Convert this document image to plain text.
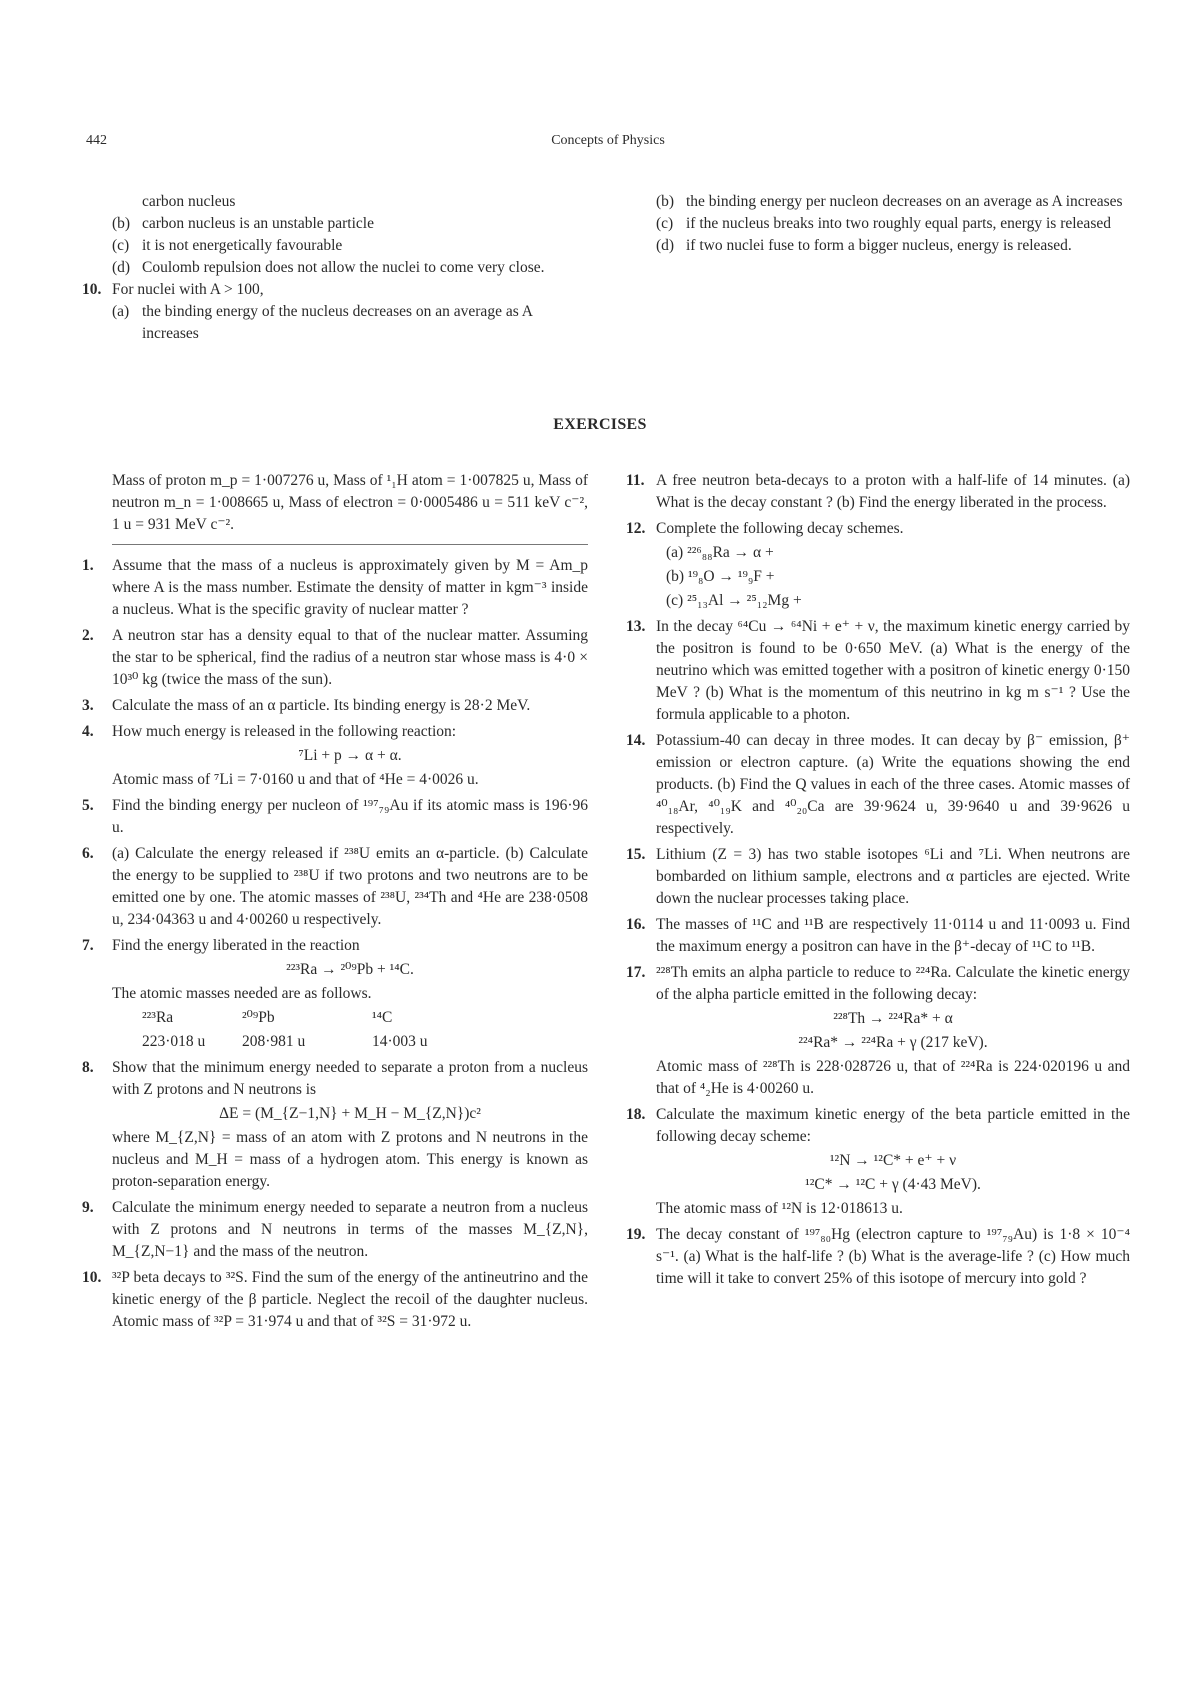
442	Concepts of Physics

carbon nucleus

(b) carbon nucleus is an unstable particle

(c) it is not energetically favourable

(d) Coulomb repulsion does not allow the nuclei to come very close.

10. For nuclei with A > 100,

(a) the binding energy of the nucleus decreases on an average as A increases

(b) the binding energy per nucleon decreases on an average as A increases

(c) if the nucleus breaks into two roughly equal parts, energy is released

(d) if two nuclei fuse to form a bigger nucleus, energy is released.

EXERCISES

Mass of proton m_p = 1·007276 u, Mass of ¹₁H atom = 1·007825 u, Mass of neutron m_n = 1·008665 u, Mass of electron = 0·0005486 u = 511 keV c⁻², 1 u = 931 MeV c⁻².

1. Assume that the mass of a nucleus is approximately given by M = Am_p where A is the mass number. Estimate the density of matter in kgm⁻³ inside a nucleus. What is the specific gravity of nuclear matter ?
2. A neutron star has a density equal to that of the nuclear matter. Assuming the star to be spherical, find the radius of a neutron star whose mass is 4·0 × 10³⁰ kg (twice the mass of the sun).
3. Calculate the mass of an α particle. Its binding energy is 28·2 MeV.
4. How much energy is released in the following reaction:
⁷Li + p → α + α.
Atomic mass of ⁷Li = 7·0160 u and that of ⁴He = 4·0026 u.
5. Find the binding energy per nucleon of ¹⁹⁷₇₉Au if its atomic mass is 196·96 u.
6. (a) Calculate the energy released if ²³⁸U emits an α-particle. (b) Calculate the energy to be supplied to ²³⁸U if two protons and two neutrons are to be emitted one by one. The atomic masses of ²³⁸U, ²³⁴Th and ⁴He are 238·0508 u, 234·04363 u and 4·00260 u respectively.
7. Find the energy liberated in the reaction
²²³Ra → ²⁰⁹Pb + ¹⁴C.
The atomic masses needed are as follows.
²²³Ra	²⁰⁹Pb	¹⁴C
223·018 u	208·981 u	14·003 u
8. Show that the minimum energy needed to separate a proton from a nucleus with Z protons and N neutrons is
ΔE = (M_{Z−1,N} + M_H − M_{Z,N})c²
where M_{Z,N} = mass of an atom with Z protons and N neutrons in the nucleus and M_H = mass of a hydrogen atom. This energy is known as proton-separation energy.
9. Calculate the minimum energy needed to separate a neutron from a nucleus with Z protons and N neutrons in terms of the masses M_{Z,N}, M_{Z,N−1} and the mass of the neutron.
10. ³²P beta decays to ³²S. Find the sum of the energy of the antineutrino and the kinetic energy of the β particle. Neglect the recoil of the daughter nucleus. Atomic mass of ³²P = 31·974 u and that of ³²S = 31·972 u.
11. A free neutron beta-decays to a proton with a half-life of 14 minutes. (a) What is the decay constant ? (b) Find the energy liberated in the process.
12. Complete the following decay schemes.
(a) ²²⁶₈₈Ra → α +
(b) ¹⁹₈O → ¹⁹₉F +
(c) ²⁵₁₃Al → ²⁵₁₂Mg +
13. In the decay ⁶⁴Cu → ⁶⁴Ni + e⁺ + ν, the maximum kinetic energy carried by the positron is found to be 0·650 MeV. (a) What is the energy of the neutrino which was emitted together with a positron of kinetic energy 0·150 MeV ? (b) What is the momentum of this neutrino in kg m s⁻¹ ? Use the formula applicable to a photon.
14. Potassium-40 can decay in three modes. It can decay by β⁻ emission, β⁺ emission or electron capture. (a) Write the equations showing the end products. (b) Find the Q values in each of the three cases. Atomic masses of ⁴⁰₁₈Ar, ⁴⁰₁₉K and ⁴⁰₂₀Ca are 39·9624 u, 39·9640 u and 39·9626 u respectively.
15. Lithium (Z = 3) has two stable isotopes ⁶Li and ⁷Li. When neutrons are bombarded on lithium sample, electrons and α particles are ejected. Write down the nuclear processes taking place.
16. The masses of ¹¹C and ¹¹B are respectively 11·0114 u and 11·0093 u. Find the maximum energy a positron can have in the β⁺-decay of ¹¹C to ¹¹B.
17. ²²⁸Th emits an alpha particle to reduce to ²²⁴Ra. Calculate the kinetic energy of the alpha particle emitted in the following decay:
²²⁸Th → ²²⁴Ra* + α
²²⁴Ra* → ²²⁴Ra + γ (217 keV).
Atomic mass of ²²⁸Th is 228·028726 u, that of ²²⁴Ra is 224·020196 u and that of ⁴₂He is 4·00260 u.
18. Calculate the maximum kinetic energy of the beta particle emitted in the following decay scheme:
¹²N → ¹²C* + e⁺ + ν
¹²C* → ¹²C + γ (4·43 MeV).
The atomic mass of ¹²N is 12·018613 u.
19. The decay constant of ¹⁹⁷₈₀Hg (electron capture to ¹⁹⁷₇₉Au) is 1·8 × 10⁻⁴ s⁻¹. (a) What is the half-life ? (b) What is the average-life ? (c) How much time will it take to convert 25% of this isotope of mercury into gold ?
